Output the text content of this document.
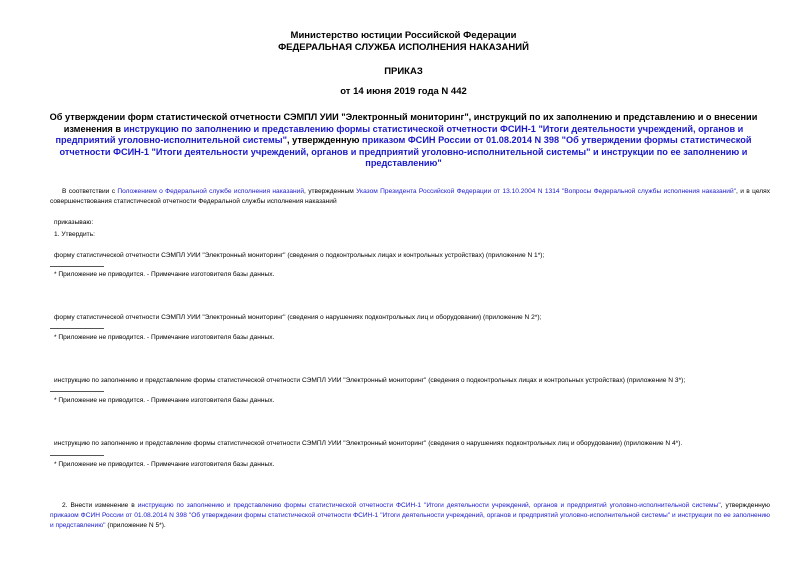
Министерство юстиции Российской Федерации
ФЕДЕРАЛЬНАЯ СЛУЖБА ИСПОЛНЕНИЯ НАКАЗАНИЙ
ПРИКАЗ
от 14 июня 2019 года N 442
Об утверждении форм статистической отчетности СЭМПЛ УИИ "Электронный мониторинг", инструкций по их заполнению и представлению и о внесении изменения в инструкцию по заполнению и представлению формы статистической отчетности ФСИН-1 "Итоги деятельности учреждений, органов и предприятий уголовно-исполнительной системы", утвержденную приказом ФСИН России от 01.08.2014 N 398 "Об утверждении формы статистической отчетности ФСИН-1 "Итоги деятельности учреждений, органов и предприятий уголовно-исполнительной системы" и инструкции по ее заполнению и представлению"
В соответствии с Положением о Федеральной службе исполнения наказаний, утвержденным Указом Президента Российской Федерации от 13.10.2004 N 1314 "Вопросы Федеральной службы исполнения наказаний", и в целях совершенствования статистической отчетности Федеральной службы исполнения наказаний
приказываю:
1. Утвердить:
форму статистической отчетности СЭМПЛ УИИ "Электронный мониторинг" (сведения о подконтрольных лицах и контрольных устройствах) (приложение N 1*);
* Приложение не приводится. - Примечание изготовителя базы данных.
форму статистической отчетности СЭМПЛ УИИ "Электронный мониторинг" (сведения о нарушениях подконтрольных лиц и оборудовании) (приложение N 2*);
* Приложение не приводится. - Примечание изготовителя базы данных.
инструкцию по заполнению и представление формы статистической отчетности СЭМПЛ УИИ "Электронный мониторинг" (сведения о подконтрольных лицах и контрольных устройствах) (приложение N 3*);
* Приложение не приводится. - Примечание изготовителя базы данных.
инструкцию по заполнению и представление формы статистической отчетности СЭМПЛ УИИ "Электронный мониторинг" (сведения о нарушениях подконтрольных лиц и оборудовании) (приложение N 4*).
* Приложение не приводится. - Примечание изготовителя базы данных.
2. Внести изменение в инструкцию по заполнению и представлению формы статистической отчетности ФСИН-1 "Итоги деятельности учреждений, органов и предприятий уголовно-исполнительной системы", утвержденную приказом ФСИН России от 01.08.2014 N 398 "Об утверждении формы статистической отчетности ФСИН-1 "Итоги деятельности учреждений, органов и предприятий уголовно-исполнительной системы" и инструкции по ее заполнению и представлению" (приложение N 5*).
